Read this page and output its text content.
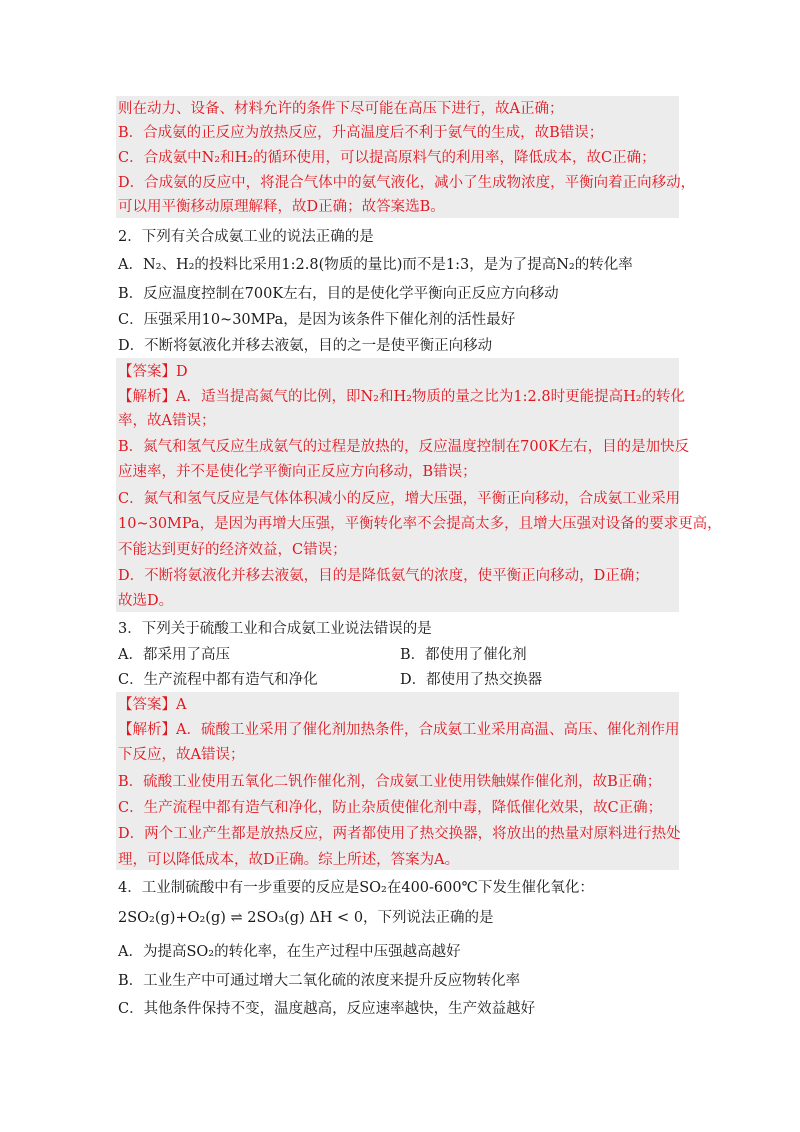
则在动力、设备、材料允许的条件下尽可能在高压下进行，故A正确；
B．合成氨的正反应为放热反应，升高温度后不利于氨气的生成，故B错误；
C．合成氨中N₂和H₂的循环使用，可以提高原料气的利用率，降低成本，故C正确；
D．合成氨的反应中，将混合气体中的氨气液化，减小了生成物浓度，平衡向着正向移动，
可以用平衡移动原理解释，故D正确；故答案选B。
2．下列有关合成氨工业的说法正确的是
A．N₂、H₂的投料比采用1:2.8(物质的量比)而不是1:3，是为了提高N₂的转化率
B．反应温度控制在700K左右，目的是使化学平衡向正反应方向移动
C．压强采用10~30MPa，是因为该条件下催化剂的活性最好
D．不断将氨液化并移去液氨，目的之一是使平衡正向移动
【答案】D
【解析】A．适当提高氮气的比例，即N₂和H₂物质的量之比为1:2.8时更能提高H₂的转化
率，故A错误；
B．氮气和氢气反应生成氨气的过程是放热的，反应温度控制在700K左右，目的是加快反
应速率，并不是使化学平衡向正反应方向移动，B错误；
C．氮气和氢气反应是气体体积减小的反应，增大压强，平衡正向移动，合成氨工业采用
10~30MPa，是因为再增大压强，平衡转化率不会提高太多，且增大压强对设备的要求更高，
不能达到更好的经济效益，C错误；
D．不断将氨液化并移去液氨，目的是降低氨气的浓度，使平衡正向移动，D正确；
故选D。
3．下列关于硫酸工业和合成氨工业说法错误的是
A．都采用了高压	B．都使用了催化剂
C．生产流程中都有造气和净化	D．都使用了热交换器
【答案】A
【解析】A．硫酸工业采用了催化剂加热条件，合成氨工业采用高温、高压、催化剂作用
下反应，故A错误；
B．硫酸工业使用五氧化二钒作催化剂，合成氨工业使用铁触媒作催化剂，故B正确；
C．生产流程中都有造气和净化，防止杂质使催化剂中毒，降低催化效果，故C正确；
D．两个工业产生都是放热反应，两者都使用了热交换器，将放出的热量对原料进行热处
理，可以降低成本，故D正确。综上所述，答案为A。
4．工业制硫酸中有一步重要的反应是SO₂在400-600℃下发生催化氧化：
2SO₂(g)+O₂(g) ⇌ 2SO₃(g) ΔH < 0，下列说法正确的是
A．为提高SO₂的转化率，在生产过程中压强越高越好
B．工业生产中可通过增大二氧化硫的浓度来提升反应物转化率
C．其他条件保持不变，温度越高，反应速率越快，生产效益越好
